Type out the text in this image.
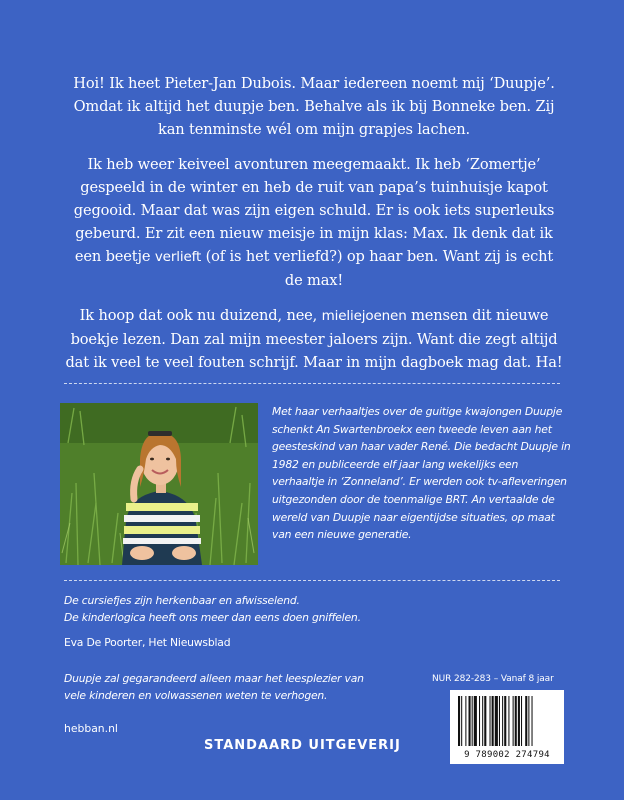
Hoi! Ik heet Pieter-Jan Dubois. Maar iedereen noemt mij ‘Duupje’. Omdat ik altijd het duupje ben. Behalve als ik bij Bonneke ben. Zij kan tenminste wél om mijn grapjes lachen.

Ik heb weer keiveel avonturen meegemaakt. Ik heb ‘Zomertje’ gespeeld in de winter en heb de ruit van papa’s tuinhuisje kapot gegooid. Maar dat was zijn eigen schuld. Er is ook iets superleuks gebeurd. Er zit een nieuw meisje in mijn klas: Max. Ik denk dat ik een beetje verlieft (of is het verliefd?) op haar ben. Want zij is echt de max!

Ik hoop dat ook nu duizend, nee, mieliejoenen mensen dit nieuwe boekje lezen. Dan zal mijn meester jaloers zijn. Want die zegt altijd dat ik veel te veel fouten schrijf. Maar in mijn dagboek mag dat. Ha!

Met haar verhaaltjes over de guitige kwajongen Duupje schenkt An Swartenbroekx een tweede leven aan het geesteskind van haar vader René. Die bedacht Duupje in 1982 en publiceerde elf jaar lang wekelijks een verhaaltje in ‘Zonneland’. Er werden ook tv-afleveringen uitgezonden door de toenmalige BRT. An vertaalde de wereld van Duupje naar eigentijdse situaties, op maat van een nieuwe generatie.

De cursiefjes zijn herkenbaar en afwisselend.
De kinderlogica heeft ons meer dan eens doen gniffelen.
Eva De Poorter, Het Nieuwsblad
Duupje zal gegarandeerd alleen maar het leesplezier van
vele kinderen en volwassenen weten te verhogen.
hebban.nl
NUR 282-283 – Vanaf 8 jaar
9 789002 274794
STANDAARD UITGEVERIJ
